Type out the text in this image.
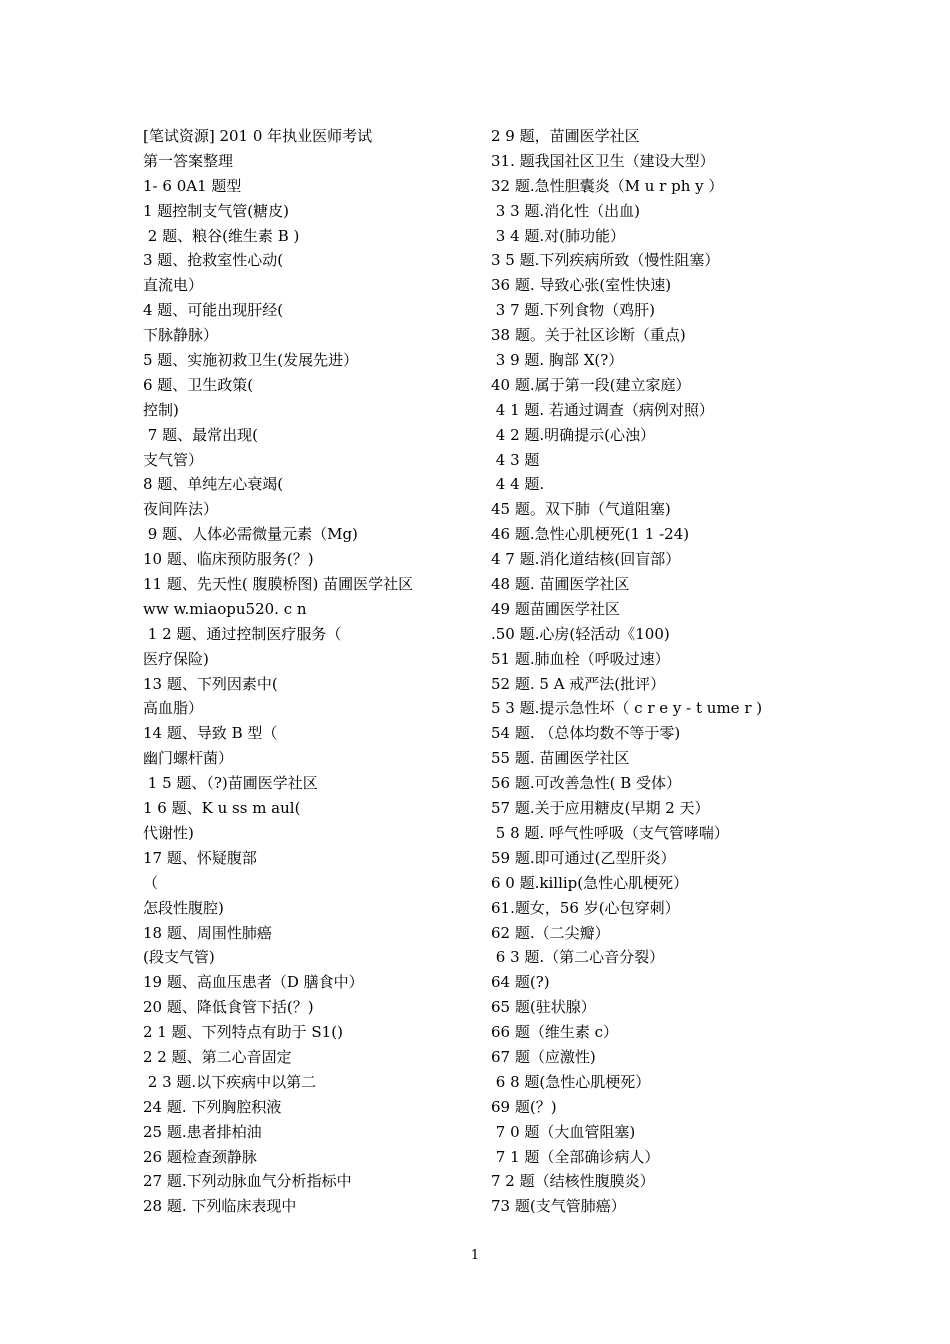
[笔试资源] 201 0 年执业医师考试
第一答案整理
1- 6 0A1 题型
1 题控制支气管(糖皮)
2 题、粮谷(维生素 B )
3 题、抢救室性心动(
直流电）
4 题、可能出现肝经(
下脉静脉）
5 题、实施初救卫生(发展先进）
6 题、卫生政策(
控制)
7 题、最常出现(
支气管）
8 题、单纯左心衰竭(
夜间阵法）
9 题、人体必需微量元素（Mg)
10 题、临床预防服务(？)
11 题、先天性( 腹膜桥图) 苗圃医学社区
ww w.miaopu520. c n
1 2 题、通过控制医疗服务（
医疗保险)
13 题、下列因素中(
高血脂）
14 题、导致 B 型（
幽门螺杆菌）
1 5 题、（?)苗圃医学社区
1 6 题、K u ss m aul(
代谢性)
17 题、怀疑腹部
（
怎段性腹腔)
18 题、周围性肺癌
(段支气管)
19 题、高血压患者（D 膳食中）
20 题、降低食管下括(？)
2 1 题、下列特点有助于 S1()
2 2 题、第二心音固定
2 3 题.以下疾病中以第二
24 题. 下列胸腔积液
25 题.患者排柏油
26 题检查颈静脉
27 题.下列动脉血气分析指标中
28 题. 下列临床表现中
2 9 题，苗圃医学社区
31. 题我国社区卫生（建设大型）
32 题.急性胆囊炎（M u r ph y ）
3 3 题.消化性（出血)
3 4 题.对(肺功能）
3 5 题.下列疾病所致（慢性阻塞）
36 题. 导致心张(室性快速)
3 7 题.下列食物（鸡肝)
38 题。关于社区诊断（重点)
3 9 题. 胸部 X(?）
40 题.属于第一段(建立家庭）
4 1 题. 若通过调查（病例对照）
4 2 题.明确提示(心浊）
4 3 题
4 4 题.
45 题。双下肺（气道阻塞)
46 题.急性心肌梗死(1 1 -24)
4 7 题.消化道结核(回盲部）
48 题. 苗圃医学社区
49 题苗圃医学社区
.50 题.心房(轻活动《100)
51 题.肺血栓（呼吸过速）
52 题. 5 A 戒严法(批评）
5 3 题.提示急性坏（ c r e y - t ume r )
54 题. （总体均数不等于零)
55 题. 苗圃医学社区
56 题.可改善急性( B 受体）
57 题.关于应用糖皮(早期 2 天）
5 8 题. 呼气性呼吸（支气管哮喘）
59 题.即可通过(乙型肝炎）
6 0 题.killip(急性心肌梗死）
61.题女，56 岁(心包穿刺）
62 题.（二尖瓣）
6 3 题.（第二心音分裂）
64 题(?)
65 题(驻状腺）
66 题（维生素 c）
67 题（应激性)
6 8 题(急性心肌梗死）
69 题(？)
7 0 题（大血管阻塞)
7 1 题（全部确诊病人）
7 2 题（结核性腹膜炎）
73 题(支气管肺癌）
1
